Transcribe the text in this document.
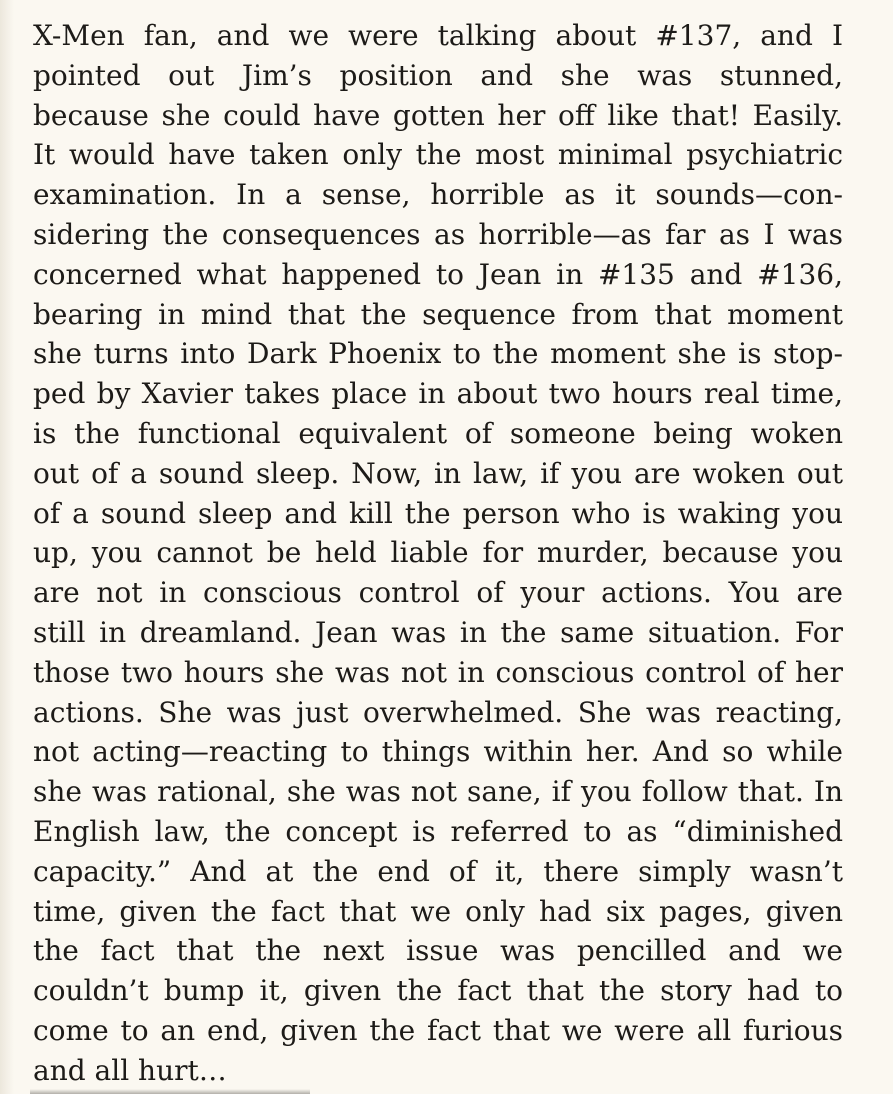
X-Men fan, and we were talking about #137, and I
pointed out Jim’s position and she was stunned,
because she could have gotten her off like that! Easily.
It would have taken only the most minimal psychiatric
examination. In a sense, horrible as it sounds—con-
sidering the consequences as horrible—as far as I was
concerned what happened to Jean in #135 and #136,
bearing in mind that the sequence from that moment
she turns into Dark Phoenix to the moment she is stop-
ped by Xavier takes place in about two hours real time,
is the functional equivalent of someone being woken
out of a sound sleep. Now, in law, if you are woken out
of a sound sleep and kill the person who is waking you
up, you cannot be held liable for murder, because you
are not in conscious control of your actions. You are
still in dreamland. Jean was in the same situation. For
those two hours she was not in conscious control of her
actions. She was just overwhelmed. She was reacting,
not acting—reacting to things within her. And so while
she was rational, she was not sane, if you follow that. In
English law, the concept is referred to as “diminished
capacity.” And at the end of it, there simply wasn’t
time, given the fact that we only had six pages, given
the fact that the next issue was pencilled and we
couldn’t bump it, given the fact that the story had to
come to an end, given the fact that we were all furious
and all hurt…
